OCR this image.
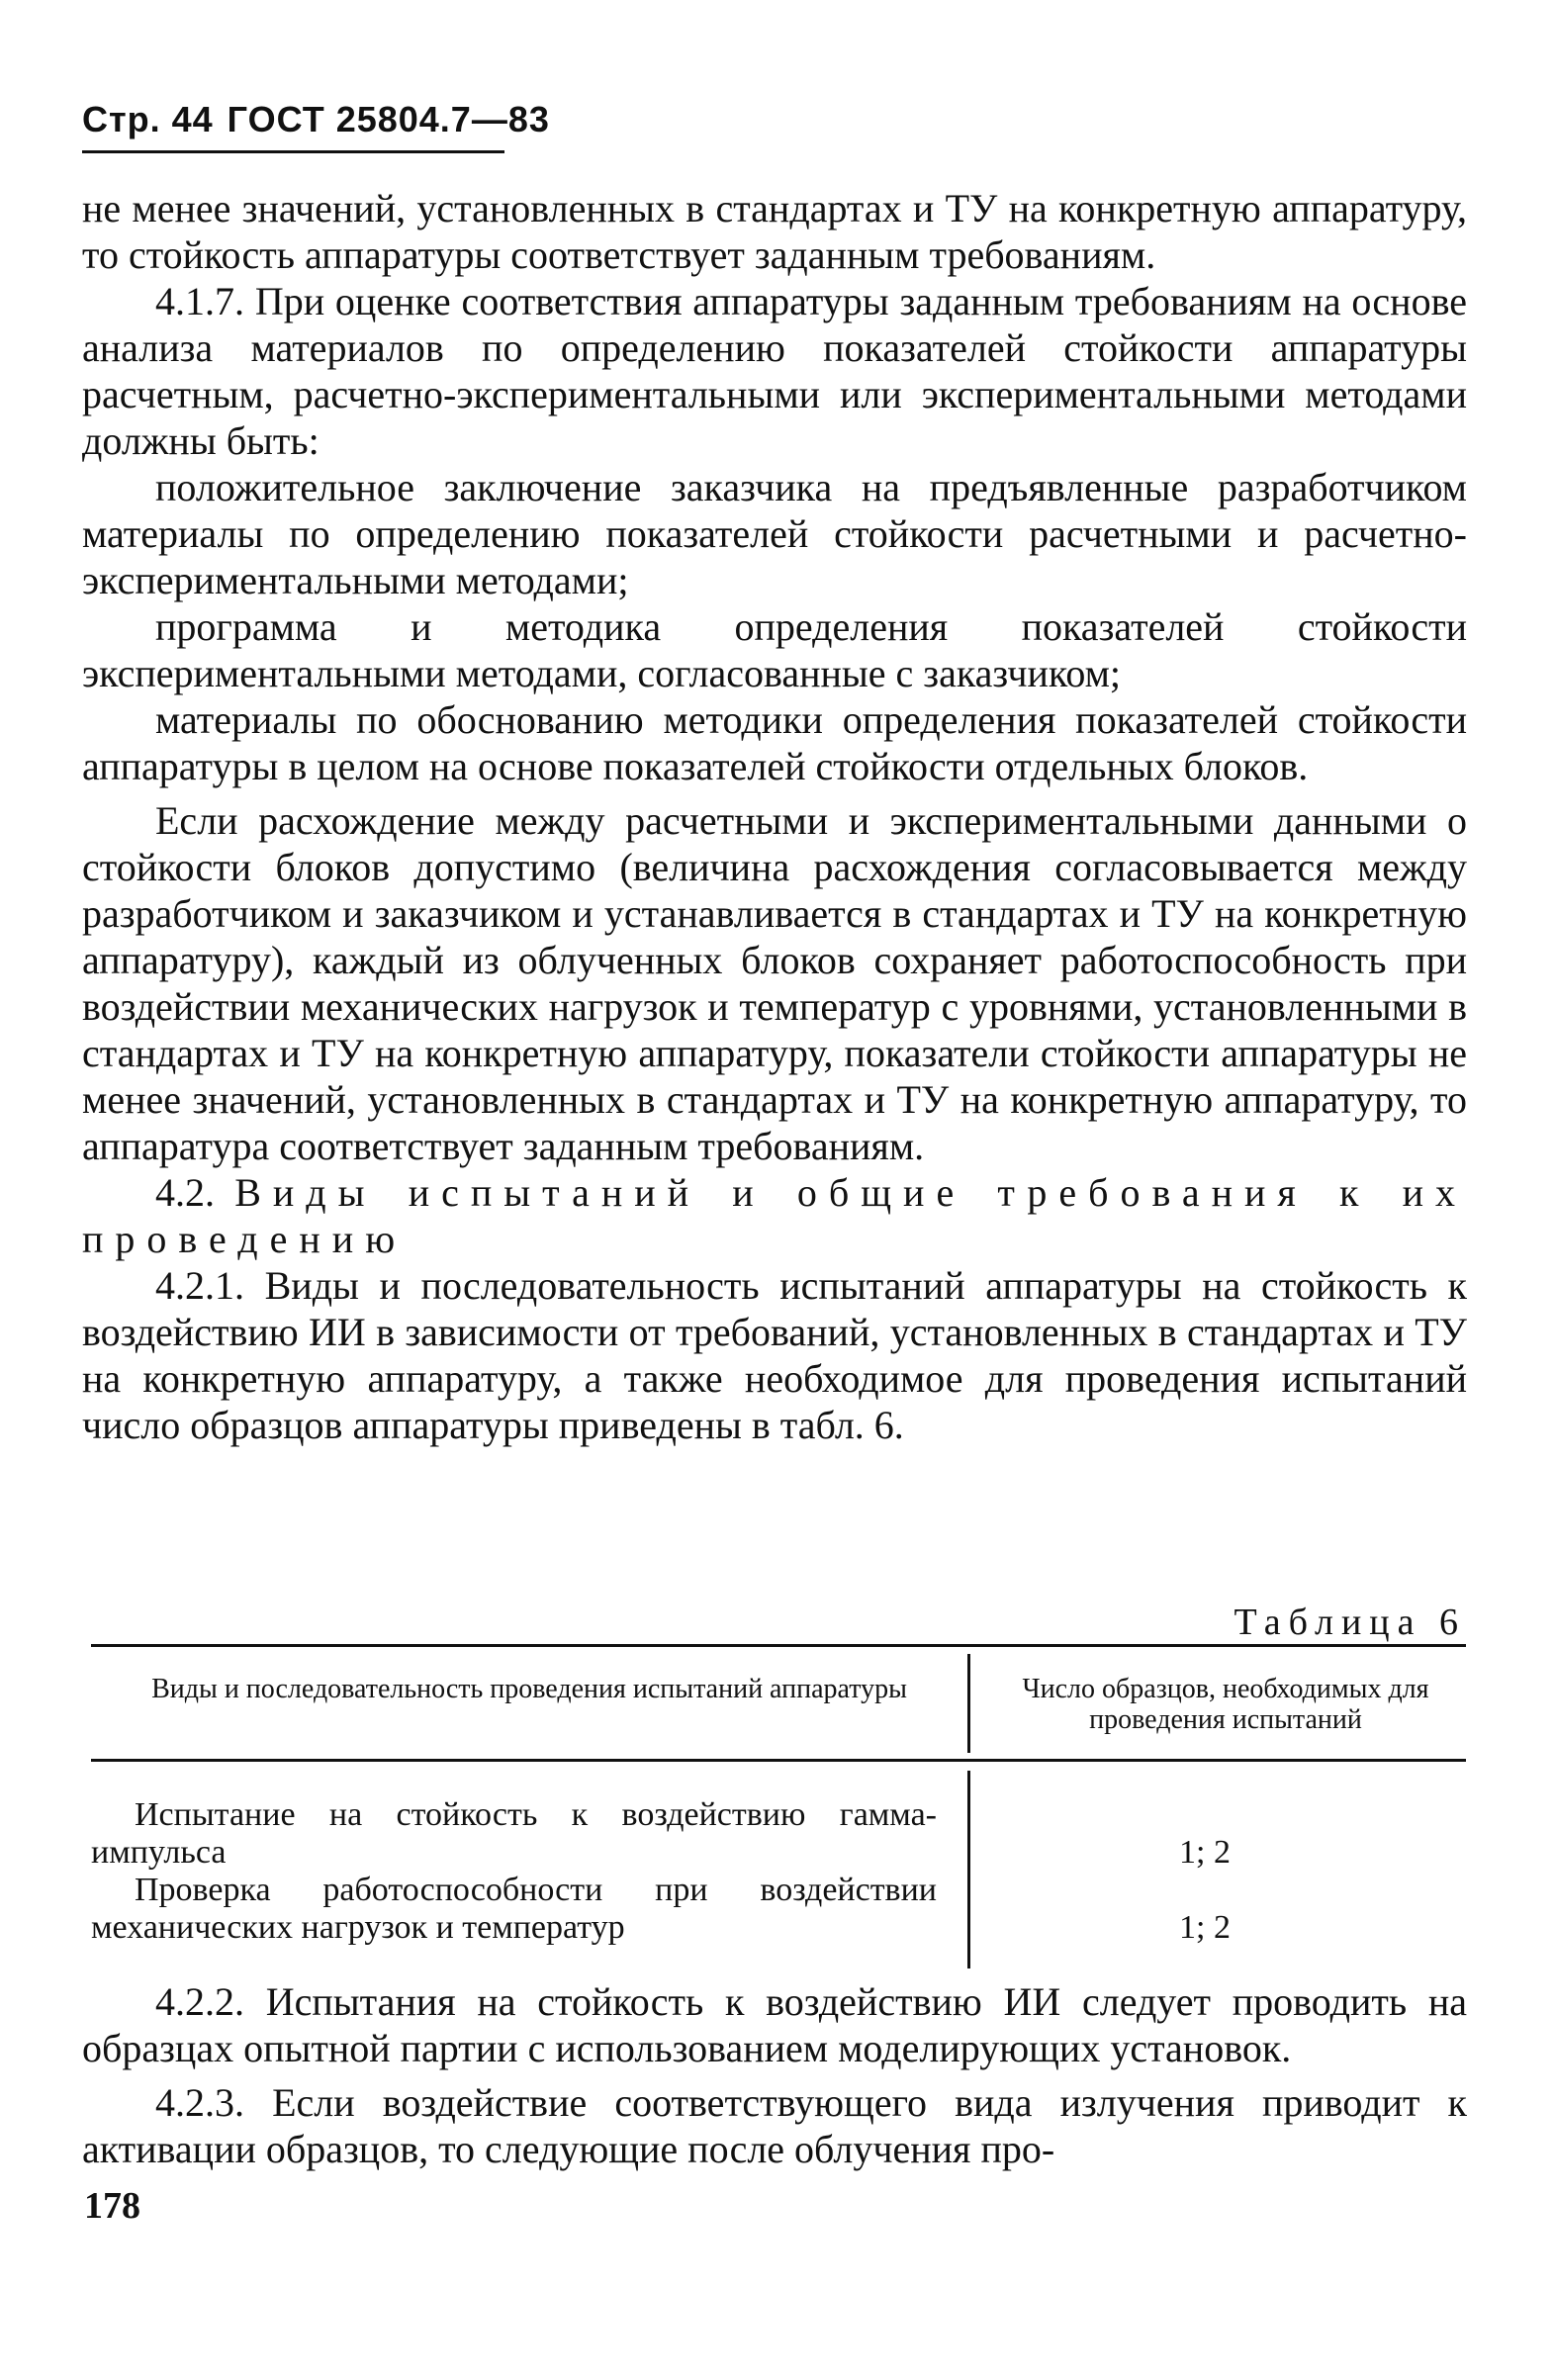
Стр. 44 ГОСТ 25804.7—83

не менее значений, установленных в стандартах и ТУ на конкретную аппаратуру, то стойкость аппаратуры соответствует заданным требованиям.

4.1.7. При оценке соответствия аппаратуры заданным требованиям на основе анализа материалов по определению показателей стойкости аппаратуры расчетным, расчетно-экспериментальными или экспериментальными методами должны быть:

положительное заключение заказчика на предъявленные разработчиком материалы по определению показателей стойкости расчетными и расчетно-экспериментальными методами;

программа и методика определения показателей стойкости экспериментальными методами, согласованные с заказчиком;

материалы по обоснованию методики определения показателей стойкости аппаратуры в целом на основе показателей стойкости отдельных блоков.

Если расхождение между расчетными и экспериментальными данными о стойкости блоков допустимо (величина расхождения согласовывается между разработчиком и заказчиком и устанавливается в стандартах и ТУ на конкретную аппаратуру), каждый из облученных блоков сохраняет работоспособность при воздействии механических нагрузок и температур с уровнями, установленными в стандартах и ТУ на конкретную аппаратуру, показатели стойкости аппаратуры не менее значений, установленных в стандартах и ТУ на конкретную аппаратуру, то аппаратура соответствует заданным требованиям.

4.2. Виды испытаний и общие требования к их проведению

4.2.1. Виды и последовательность испытаний аппаратуры на стойкость к воздействию ИИ в зависимости от требований, установленных в стандартах и ТУ на конкретную аппаратуру, а также необходимое для проведения испытаний число образцов аппаратуры приведены в табл. 6.

Таблица 6
Виды и последовательность проведения испытаний аппаратуры	Число образцов, необходимых для проведения испытаний
Испытание на стойкость к воздействию гамма-импульса	1; 2
Проверка работоспособности при воздействии механических нагрузок и температур	1; 2

4.2.2. Испытания на стойкость к воздействию ИИ следует проводить на образцах опытной партии с использованием моделирующих установок.

4.2.3. Если воздействие соответствующего вида излучения приводит к активации образцов, то следующие после облучения про-

178
